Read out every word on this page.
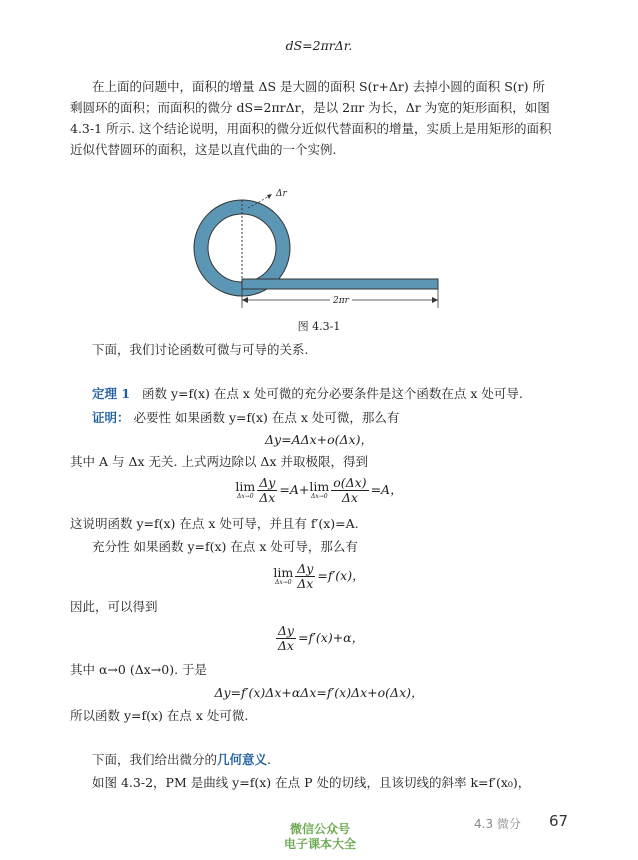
dS=2πrΔr.
在上面的问题中，面积的增量 ΔS 是大圆的面积 S(r+Δr) 去掉小圆的面积 S(r) 所
剩圆环的面积；而面积的微分 dS=2πrΔr，是以 2πr 为长，Δr 为宽的矩形面积，如图
4.3-1 所示. 这个结论说明，用面积的微分近似代替面积的增量，实质上是用矩形的面积
近似代替圆环的面积，这是以直代曲的一个实例.
Δr
2πr
图 4.3-1
下面，我们讨论函数可微与可导的关系.
定理 1 函数 y=f(x) 在点 x 处可微的充分必要条件是这个函数在点 x 处可导.
证明： 必要性 如果函数 y=f(x) 在点 x 处可微，那么有
Δy=AΔx+o(Δx)，
其中 A 与 Δx 无关. 上式两边除以 Δx 并取极限，得到
lim
$\Delta x\to 0 \frac{\Delta y}{\Delta x} =A+\lim$
$\Delta x\to 0 \frac{o(\Delta x)}{\Delta x} =A$，
这说明函数 y=f(x) 在点 x 处可导，并且有 f′(x)=A.
充分性 如果函数 y=f(x) 在点 x 处可导，那么有
lim
$\Delta x\to 0 \frac{\Delta y}{\Delta x} =f'(x)$，
因此，可以得到
$\frac{\Delta y}{\Delta x} =f'(x)+\alpha$，
其中 α→0 (Δx→0). 于是
Δy=f′(x)Δx+αΔx=f′(x)Δx+o(Δx)，
所以函数 y=f(x) 在点 x 处可微.
下面，我们给出微分的几何意义.
如图 4.3-2，PM 是曲线 y=f(x) 在点 P 处的切线，且该切线的斜率 k=f′(x₀)，
4.3 微分 67
微信公众号
电子课本大全
